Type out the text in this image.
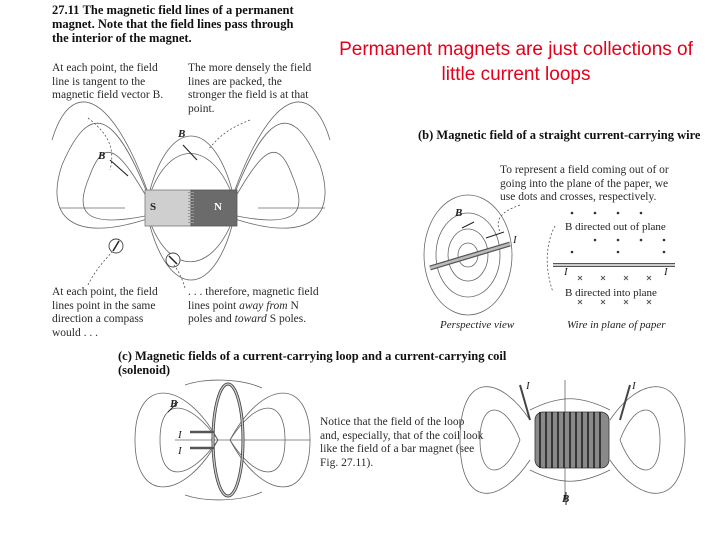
Permanent magnets are just collections of little current loops
27.11 The magnetic field lines of a permanent magnet. Note that the field lines pass through the interior of the magnet.
At each point, the field line is tangent to the magnetic field vector B.
The more densely the field lines are packed, the stronger the field is at that point.
At each point, the field lines point in the same direction a compass would . . .
. . . therefore, magnetic field lines point away from N poles and toward S poles.
S	N
B
B	(b) Magnetic field of a straight current-carrying wire
To represent a field coming out of or going into the plane of the paper, we use dots and crosses, respectively.
B
I
I	I
B directed out of plane
B directed into plane
Perspective view	Wire in plane of paper
(c) Magnetic fields of a current-carrying loop and a current-carrying coil (solenoid)
Notice that the field of the loop and, especially, that of the coil look like the field of a bar magnet (see Fig. 27.11).
B
I
I
I	I
B
